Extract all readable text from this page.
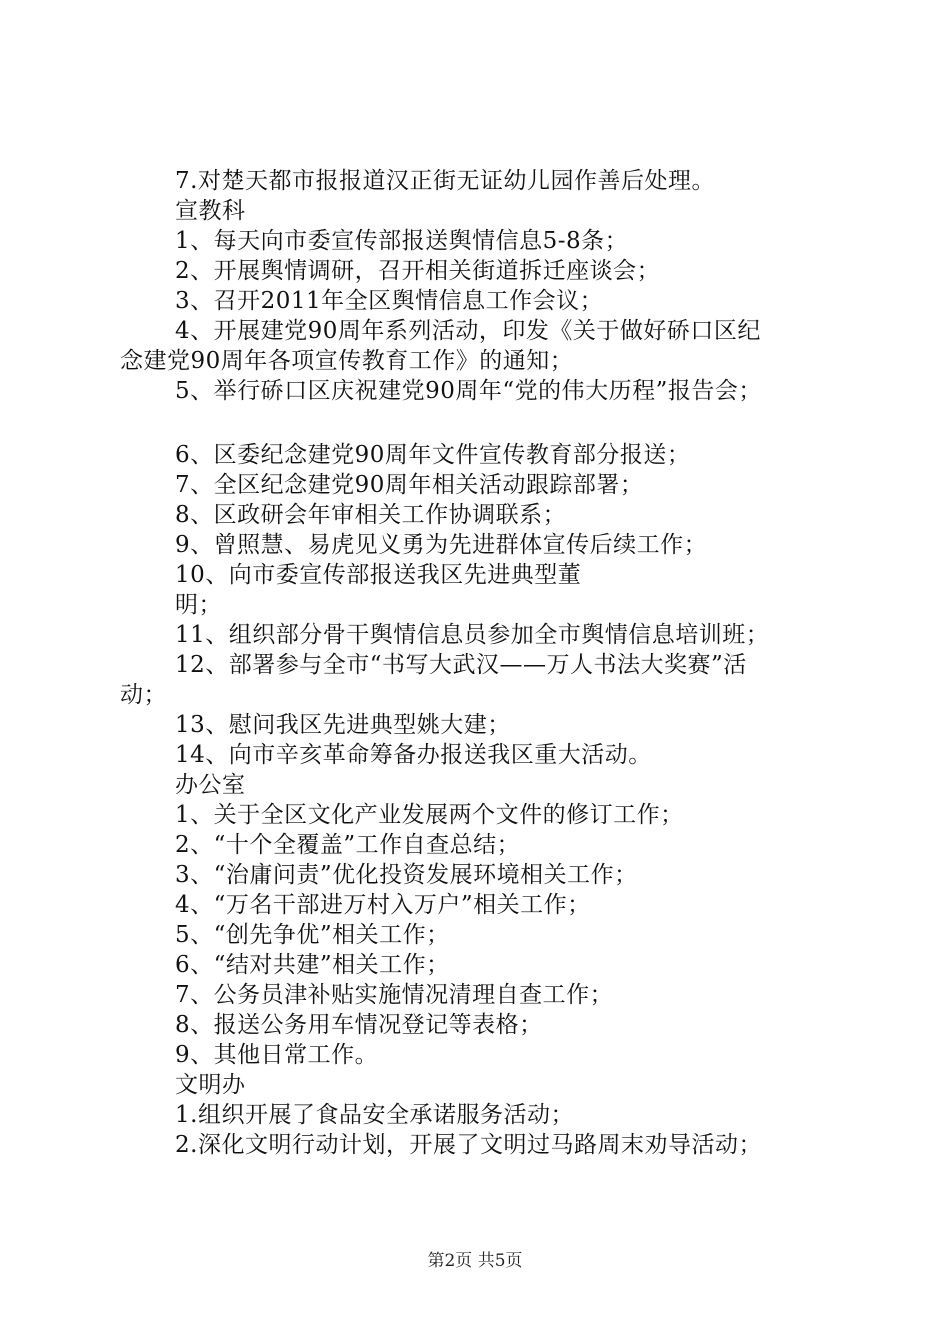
7.对楚天都市报报道汉正街无证幼儿园作善后处理。
宣教科
1、每天向市委宣传部报送舆情信息5-8条；
2、开展舆情调研，召开相关街道拆迁座谈会；
3、召开2011年全区舆情信息工作会议；
4、开展建党90周年系列活动，印发《关于做好硚口区纪
念建党90周年各项宣传教育工作》的通知；
5、举行硚口区庆祝建党90周年“党的伟大历程”报告会；
6、区委纪念建党90周年文件宣传教育部分报送；
7、全区纪念建党90周年相关活动跟踪部署；
8、区政研会年审相关工作协调联系；
9、曾照慧、易虎见义勇为先进群体宣传后续工作；
10、向市委宣传部报送我区先进典型董
明；
11、组织部分骨干舆情信息员参加全市舆情信息培训班；
12、部署参与全市“书写大武汉——万人书法大奖赛”活
动；
13、慰问我区先进典型姚大建；
14、向市辛亥革命筹备办报送我区重大活动。
办公室
1、关于全区文化产业发展两个文件的修订工作；
2、“十个全覆盖”工作自查总结；
3、“治庸问责”优化投资发展环境相关工作；
4、“万名干部进万村入万户”相关工作；
5、“创先争优”相关工作；
6、“结对共建”相关工作；
7、公务员津补贴实施情况清理自查工作；
8、报送公务用车情况登记等表格；
9、其他日常工作。
文明办
1.组织开展了食品安全承诺服务活动；
2.深化文明行动计划，开展了文明过马路周末劝导活动；
第2页 共5页
